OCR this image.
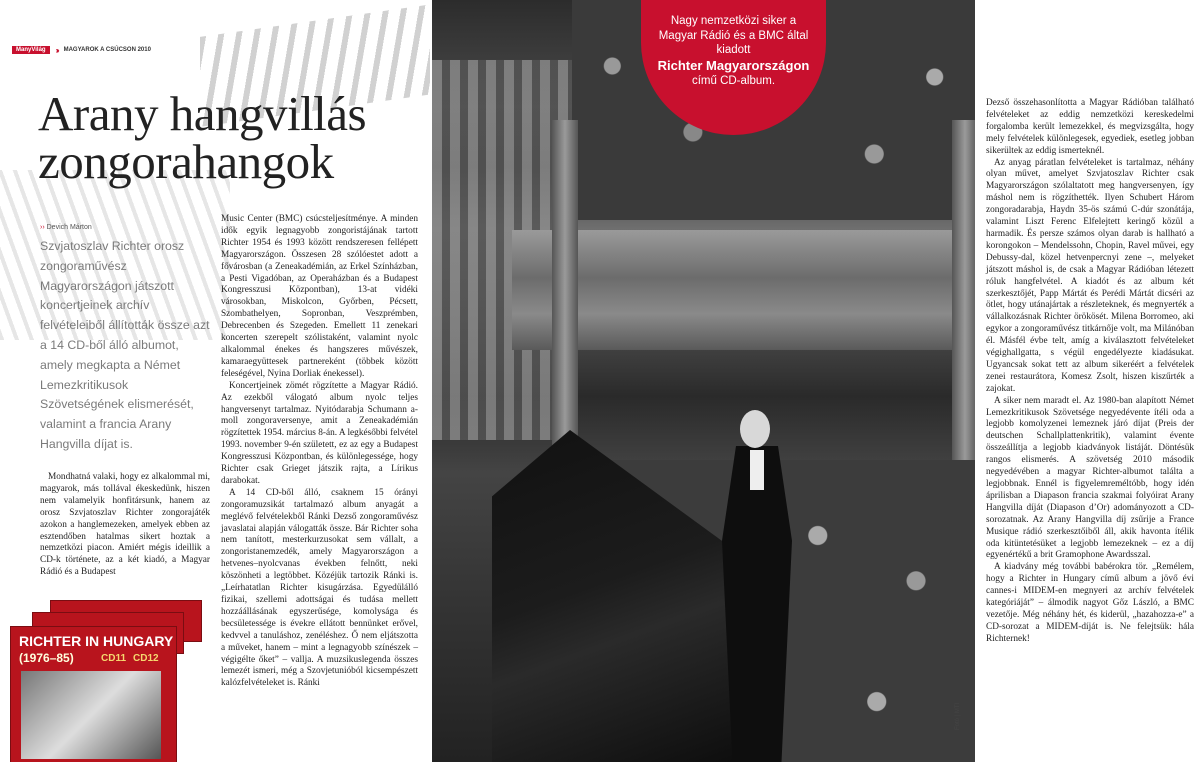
ManyVilág	››› MAGYAROK A CSÚCSON 2010
Arany hangvillás zongorahangok
›› Devich Márton

Szvjatoszlav Richter orosz zongoraművész Magyarországon játszott koncertjeinek archív felvételeiből állították össze azt a 14 CD-ből álló albumot, amely megkapta a Német Lemezkritikusok Szövetségének elismerését, valamint a francia Arany Hangvilla díjat is.

Mondhatná valaki, hogy ez alkalommal mi, magyarok, más tollával ékeskedünk, hiszen nem valamelyik honfitársunk, hanem az orosz Szvjatoszlav Richter zongorajáték azokon a hanglemezeken, amelyek ebben az esztendőben hatalmas sikert hoztak a nemzetközi piacon. Amiért mégis ideillik a CD-k története, az a két kiadó, a Magyar Rádió és a Budapest

RICHTER IN HUNGARY
(1976–85)	CD11 CD12

Music Center (BMC) csúcsteljesítménye. A minden idők egyik legnagyobb zongoristájának tartott Richter 1954 és 1993 között rendszeresen fellépett Magyarországon. Összesen 28 szólóestet adott a fővárosban (a Zeneakadémián, az Erkel Színházban, a Pesti Vigadóban, az Operaházban és a Budapest Kongresszusi Központban), 13-at vidéki városokban, Miskolcon, Győrben, Pécsett, Szombathelyen, Sopronban, Veszprémben, Debrecenben és Szegeden. Emellett 11 zenekari koncerten szerepelt szólistaként, valamint nyolc alkalommal énekes és hangszeres művészek, kamaraegyüttesek partnereként (többek között feleségével, Nyina Dorliak énekessel).

Koncertjeinek zömét rögzítette a Magyar Rádió. Az ezekből válogató album nyolc teljes hangversenyt tartalmaz. Nyitódarabja Schumann a-moll zongoraversenye, amit a Zeneakadémián rögzítettek 1954. március 8-án. A legkésőbbi felvétel 1993. november 9-én született, ez az egy a Budapest Kongresszusi Központban, és különlegessége, hogy Richter csak Grieget játszik rajta, a Lírikus darabokat.

A 14 CD-ből álló, csaknem 15 órányi zongoramuzsikát tartalmazó album anyagát a meglévő felvételekből Ránki Dezső zongoraművész javaslatai alapján válogatták össze. Bár Richter soha nem tanított, mesterkurzusokat sem vállalt, a zongoristanemzedék, amely Magyarországon a hetvenes–nyolcvanas években felnőtt, neki köszönheti a legtöbbet. Közéjük tartozik Ránki is. „Leírhatatlan Richter kisugárzása. Egyedülálló fizikai, szellemi adottságai és tudása mellett hozzáállásának egyszerűsége, komolysága és becsületessége is évekre ellátott bennünket erővel, kedvvel a tanuláshoz, zenéléshez. Ő nem eljátszotta a műveket, hanem – mint a legnagyobb színészek – végigélte őket” – vallja. A muzsikuslegenda összes lemezét ismeri, még a Szovjetunióból kicsempészett kalózfelvételeket is. Ránki

Nagy nemzetközi siker a Magyar Rádió és a BMC által kiadott
Richter Magyarországon
című CD-album.

Fotó | MTI

Dezső összehasonlította a Magyar Rádióban található felvételeket az eddig nemzetközi kereskedelmi forgalomba került lemezekkel, és megvizsgálta, hogy mely felvételek különlegesek, egyediek, esetleg jobban sikerültek az eddig ismerteknél.

Az anyag páratlan felvételeket is tartalmaz, néhány olyan művet, amelyet Szvjatoszlav Richter csak Magyarországon szólaltatott meg hangversenyen, így máshol nem is rögzíthették. Ilyen Schubert Három zongoradarabja, Haydn 35-ös számú C-dúr szonátája, valamint Liszt Ferenc Elfelejtett keringő közül a harmadik. És persze számos olyan darab is hallható a korongokon – Mendelssohn, Chopin, Ravel művei, egy Debussy-dal, közel hetvenpercnyi zene –, melyeket játszott máshol is, de csak a Magyar Rádióban létezett róluk hangfelvétel. A kiadót és az album két szerkesztőjét, Papp Mártát és Perédi Mártát dicséri az ötlet, hogy utánajártak a részleteknek, és megnyerték a vállalkozásnak Richter örökösét. Milena Borromeo, aki egykor a zongoraművész titkárnője volt, ma Milánóban él. Másfél évbe telt, amíg a kiválasztott felvételeket végighallgatta, s végül engedélyezte kiadásukat. Ugyancsak sokat tett az album sikeréért a felvételek zenei restaurátora, Komesz Zsolt, hiszen kiszűrték a zajokat.

A siker nem maradt el. Az 1980-ban alapított Német Lemezkritikusok Szövetsége negyedévente ítéli oda a legjobb komolyzenei lemeznek járó díjat (Preis der deutschen Schallplattenkritik), valamint évente összeállítja a legjobb kiadványok listáját. Döntésük rangos elismerés. A szövetség 2010 második negyedévében a magyar Richter-albumot találta a legjobbnak. Ennél is figyelemreméltóbb, hogy idén áprilisban a Diapason francia szakmai folyóirat Arany Hangvilla díját (Diapason d’Or) adományozott a CD-sorozatnak. Az Arany Hangvilla díj zsűrije a France Musique rádió szerkesztőiből áll, akik havonta ítélik oda kitüntetésüket a legjobb lemezeknek – ez a díj egyenértékű a brit Gramophone Awardsszal.

A kiadvány még további babérokra tör. „Remélem, hogy a Richter in Hungary című album a jövő évi cannes-i MIDEM-en megnyeri az archív felvételek kategóriáját” – álmodik nagyot Gőz László, a BMC vezetője. Még néhány hét, és kiderül, „hazahozza-e” a CD-sorozat a MIDEM-díját is. Ne felejtsük: hála Richternek!
